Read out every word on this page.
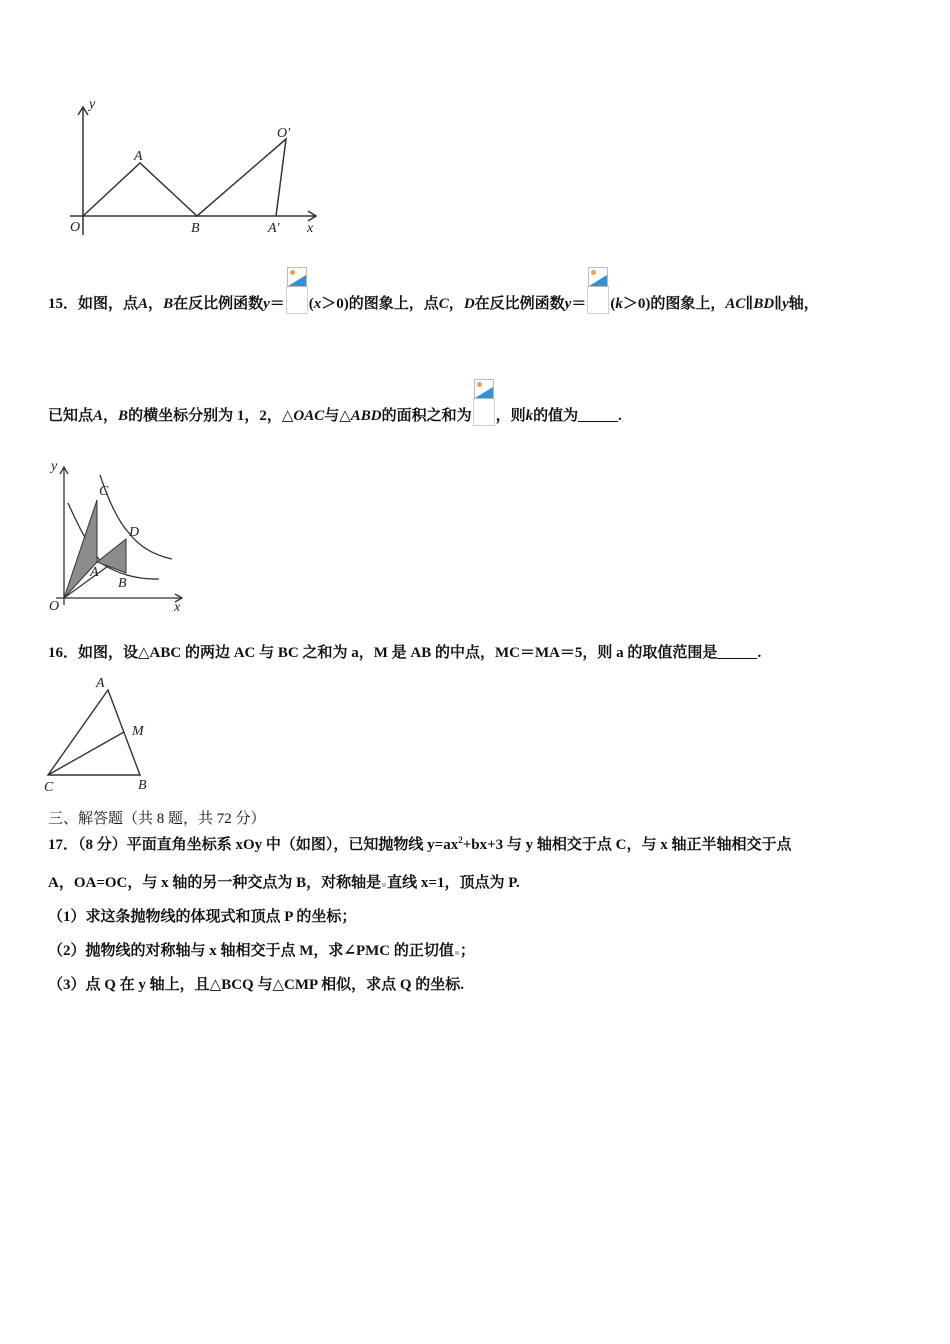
y
x
A
O′
O	B	A′
15．如图，点A，B在反比例函数y＝ (x＞0)的图象上，点C，D在反比例函数y＝ (k＞0)的图象上，AC∥BD∥y轴，
已知点A，B的横坐标分别为 1，2，△OAC与△ABD的面积之和为 ，则k的值为	.
y
x
O
C
D
A
B
16．如图，设△ABC 的两边 AC 与 BC 之和为 a，M 是 AB 的中点，MC＝MA＝5，则 a 的取值范围是	.
A
M
C	B
三、解答题（共 8 题，共 72 分）
17．（8 分）平面直角坐标系 xOy 中（如图），已知抛物线 $y=ax^2+bx+3$ 与 y 轴相交于点 C，与 x 轴正半轴相交于点
A，OA=OC，与 x 轴的另一种交点为 B，对称轴是 直线 x=1，顶点为 P.
（1）求这条抛物线的体现式和顶点 P 的坐标；
（2）抛物线的对称轴与 x 轴相交于点 M，求∠PMC 的正切值 ；
（3）点 Q 在 y 轴上，且△BCQ 与△CMP 相似，求点 Q 的坐标.
